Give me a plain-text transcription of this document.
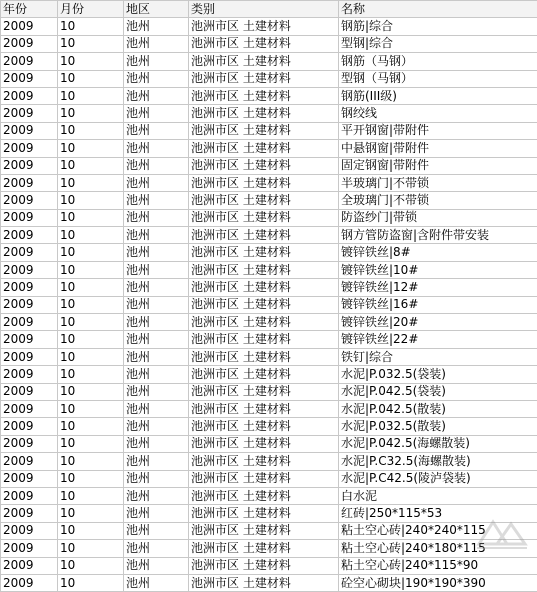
年份	月份	地区	类别	名称
2009	10	池州	池洲市区 土建材料	钢筋|综合
2009	10	池州	池洲市区 土建材料	型钢|综合
2009	10	池州	池洲市区 土建材料	钢筋（马钢）
2009	10	池州	池洲市区 土建材料	型钢（马钢）
2009	10	池州	池洲市区 土建材料	钢筋(III级)
2009	10	池州	池洲市区 土建材料	钢绞线
2009	10	池州	池洲市区 土建材料	平开钢窗|带附件
2009	10	池州	池洲市区 土建材料	中悬钢窗|带附件
2009	10	池州	池洲市区 土建材料	固定钢窗|带附件
2009	10	池州	池洲市区 土建材料	半玻璃门|不带锁
2009	10	池州	池洲市区 土建材料	全玻璃门|不带锁
2009	10	池州	池洲市区 土建材料	防盗纱门|带锁
2009	10	池州	池洲市区 土建材料	钢方管防盗窗|含附件带安装
2009	10	池州	池洲市区 土建材料	镀锌铁丝|8#
2009	10	池州	池洲市区 土建材料	镀锌铁丝|10#
2009	10	池州	池洲市区 土建材料	镀锌铁丝|12#
2009	10	池州	池洲市区 土建材料	镀锌铁丝|16#
2009	10	池州	池洲市区 土建材料	镀锌铁丝|20#
2009	10	池州	池洲市区 土建材料	镀锌铁丝|22#
2009	10	池州	池洲市区 土建材料	铁钉|综合
2009	10	池州	池洲市区 土建材料	水泥|P.032.5(袋装)
2009	10	池州	池洲市区 土建材料	水泥|P.042.5(袋装)
2009	10	池州	池洲市区 土建材料	水泥|P.042.5(散装)
2009	10	池州	池洲市区 土建材料	水泥|P.032.5(散装)
2009	10	池州	池洲市区 土建材料	水泥|P.042.5(海螺散装)
2009	10	池州	池洲市区 土建材料	水泥|P.C32.5(海螺散装)
2009	10	池州	池洲市区 土建材料	水泥|P.C42.5(陵泸袋装)
2009	10	池州	池洲市区 土建材料	白水泥
2009	10	池州	池洲市区 土建材料	红砖|250*115*53
2009	10	池州	池洲市区 土建材料	粘土空心砖|240*240*115
2009	10	池州	池洲市区 土建材料	粘土空心砖|240*180*115
2009	10	池州	池洲市区 土建材料	粘土空心砖|240*115*90
2009	10	池州	池洲市区 土建材料	砼空心砌块|190*190*390
